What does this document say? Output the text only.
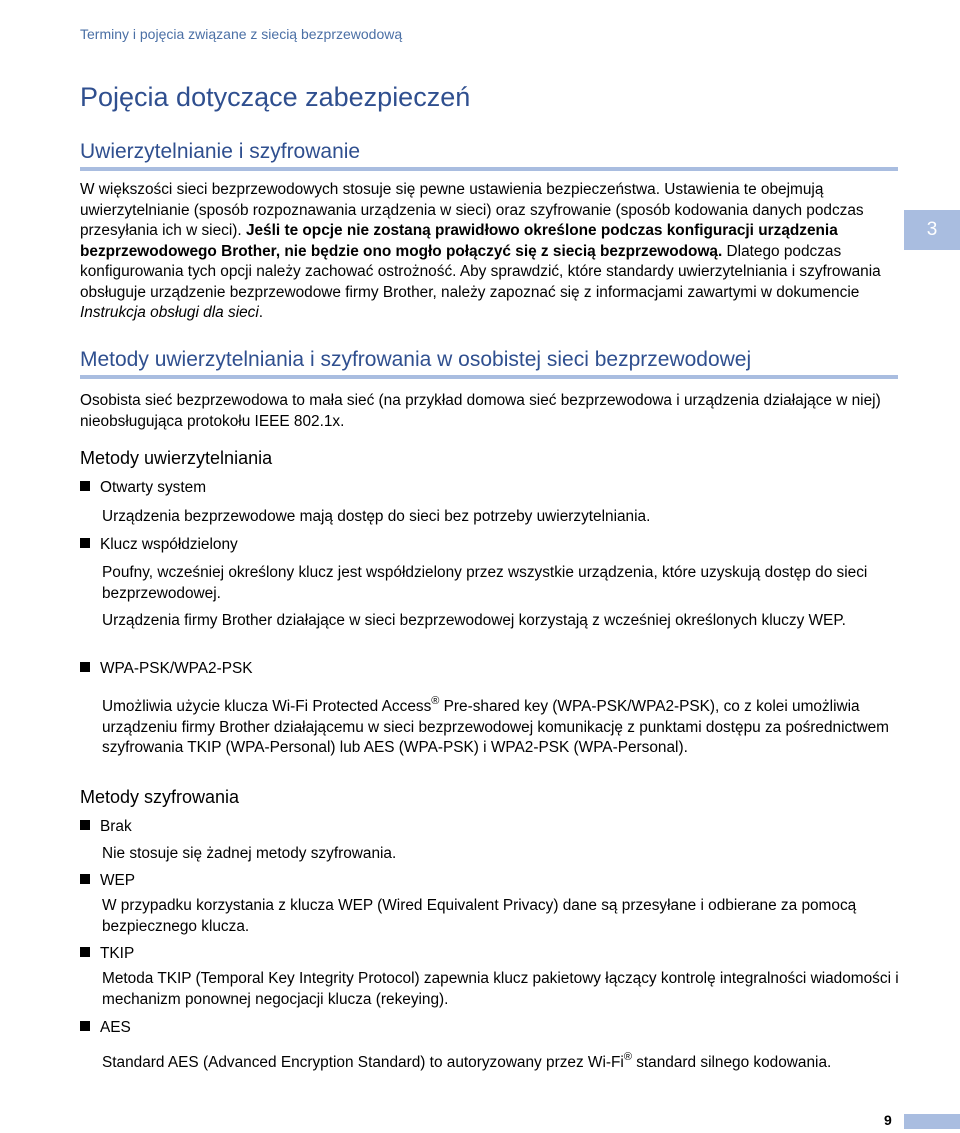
Terminy i pojęcia związane z siecią bezprzewodową
Pojęcia dotyczące zabezpieczeń
Uwierzytelnianie i szyfrowanie

W większości sieci bezprzewodowych stosuje się pewne ustawienia bezpieczeństwa. Ustawienia te obejmują uwierzytelnianie (sposób rozpoznawania urządzenia w sieci) oraz szyfrowanie (sposób kodowania danych podczas przesyłania ich w sieci). Jeśli te opcje nie zostaną prawidłowo określone podczas konfiguracji urządzenia bezprzewodowego Brother, nie będzie ono mogło połączyć się z siecią bezprzewodową. Dlatego podczas konfigurowania tych opcji należy zachować ostrożność. Aby sprawdzić, które standardy uwierzytelniania i szyfrowania obsługuje urządzenie bezprzewodowe firmy Brother, należy zapoznać się z informacjami zawartymi w dokumencie Instrukcja obsługi dla sieci.

3
Metody uwierzytelniania i szyfrowania w osobistej sieci bezprzewodowej

Osobista sieć bezprzewodowa to mała sieć (na przykład domowa sieć bezprzewodowa i urządzenia działające w niej) nieobsługująca protokołu IEEE 802.1x.

Metody uwierzytelniania
Otwarty system

Urządzenia bezprzewodowe mają dostęp do sieci bez potrzeby uwierzytelniania.

Klucz współdzielony

Poufny, wcześniej określony klucz jest współdzielony przez wszystkie urządzenia, które uzyskują dostęp do sieci bezprzewodowej.

Urządzenia firmy Brother działające w sieci bezprzewodowej korzystają z wcześniej określonych kluczy WEP.

WPA-PSK/WPA2-PSK

Umożliwia użycie klucza Wi-Fi Protected Access® Pre-shared key (WPA-PSK/WPA2-PSK), co z kolei umożliwia urządzeniu firmy Brother działającemu w sieci bezprzewodowej komunikację z punktami dostępu za pośrednictwem szyfrowania TKIP (WPA-Personal) lub AES (WPA-PSK) i WPA2-PSK (WPA-Personal).

Metody szyfrowania
Brak

Nie stosuje się żadnej metody szyfrowania.

WEP

W przypadku korzystania z klucza WEP (Wired Equivalent Privacy) dane są przesyłane i odbierane za pomocą bezpiecznego klucza.

TKIP

Metoda TKIP (Temporal Key Integrity Protocol) zapewnia klucz pakietowy łączący kontrolę integralności wiadomości i mechanizm ponownej negocjacji klucza (rekeying).

AES

Standard AES (Advanced Encryption Standard) to autoryzowany przez Wi-Fi® standard silnego kodowania.

9
